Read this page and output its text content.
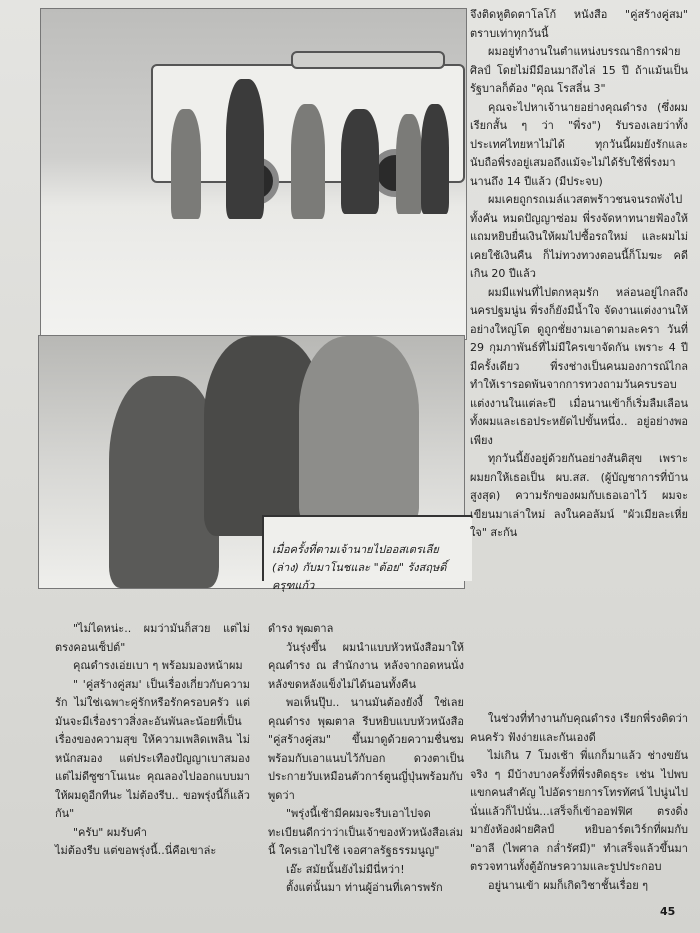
เมื่อครั้งที่ตามเจ้านายไปออสเตรเลีย
(ล่าง) กับมาโนชและ "ต้อย" รังสฤษดิ์ ครุฑแก้ว

จึงติดหูติดตาโลโก้ หนังสือ "คู่สร้างคู่สม" ตราบเท่าทุกวันนี้

ผมอยู่ทำงานในตำแหน่งบรรณาธิการฝ่ายศิลป์ โดยไม่มีมีอนมาถึงไล่ 15 ปี ถ้าแม้นเป็นรัฐบาลก็ต้อง "คุณ โรสลี่น 3"

คุณจะไปหาเจ้านายอย่างคุณดำรง (ซึ่งผมเรียกสั้น ๆ ว่า "พี่รง") รับรองเลยว่าทั้งประเทศไทยหาไม่ได้ ทุกวันนี้ผมยังรักและนับถือพี่รงอยู่เสมอถึงแม้จะไม่ได้รับใช้พี่รงมานานถึง 14 ปีแล้ว (มีประจบ)

ผมเคยถูกรถเมล์แวสตพร้าวชนจนรถพังไปทั้งคัน หมดปัญญาซ่อม พี่รงจัดหาทนายฟ้องให้ แถมหยิบยื่นเงินให้ผมไปซื้อรถใหม่ และผมไม่เคยใช้เงินคืน ก็ไม่ทวงทวงตอนนี้ก็โมฆะ คดีเกิน 20 ปีแล้ว

ผมมีแฟนที่ไปตกหลุมรัก หล่อนอยู่ไกลถึงนครปฐมนู่น พี่รงก็ยังมีน้ำใจ จัดงานแต่งงานให้อย่างใหญ่โต ดูถูกชั่ยงามเอาตามละครา วันที่ 29 กุมภาพันธ์ที่ไม่มีใครเขาจัดกัน เพราะ 4 ปีมีครั้งเดียว พี่รงช่างเป็นคนมองการณ์ไกล ทำให้เรารอดพ้นจากการทวงถามวันครบรอบแต่งงานในแต่ละปี เมื่อนานเข้าก็เริ่มลืมเลือน ทั้งผมและเธอประหยัดไปขั้นหนึ่ง.. อยู่อย่างพอเพียง

ทุกวันนี้ยังอยู่ด้วยกันอย่างสันติสุข เพราะผมยกให้เธอเป็น ผบ.สส. (ผู้บัญชาการที่บ้านสูงสุด) ความรักของผมกับเธอเอาไว้ ผมจะเขียนมาเล่าใหม่ ลงในคอลัมน์ "ผัวเมียละเหี่ยใจ" สะกัน

ในช่วงที่ทำงานกับคุณดำรง เรียกพี่รงติดว่าคนครัว ฟังง่ายและกันเองดี

ไม่เกิน 7 โมงเช้า พี่แกก็มาแล้ว ช่างขยันจริง ๆ มีบ้างบางครั้งที่พี่รงติดธุระ เช่น ไปพบแขกคนสำคัญ ไปอัดรายการโทรทัศน์ ไปนู่นไปนั่นแล้วก็ไปนั่น...เสร็จก็เข้าออฟฟิศ ตรงดิ่งมายังห้องฝ่ายศิลป์ หยิบอาร์ตเวิร์กที่ผมกับ "อาลี (ไพศาล กล่ำรัศมี)" ทำเสร็จแล้วขึ้นมาตรวจทานทั้งตู้อักษรความและรูปประกอบ

อยู่นานเข้า ผมก็เกิดวิชาชั้นเรื่อย ๆ

"ไม่ไดหน่ะ.. ผมว่ามันก็สวย แต่ไม่ตรงคอนเซ็ปต์"

คุณดำรงเอ่ยเบา ๆ พร้อมมองหน้าผม

" 'คู่สร้างคู่สม' เป็นเรื่องเกี่ยวกับความรัก ไม่ใช่เฉพาะคู่รักหรือรักครอบครัว แต่มันจะมีเรื่องราวสิ่งละอันพันละน้อยที่เป็นเรื่องของความสุข ให้ความเพลิดเพลิน ไม่หนักสมอง แต่ประเทืองปัญญาเบาสมอง แต่ไม่ดีซูซาโนเนะ คุณลองไปออกแบบมาให้ผมดูอีกทีนะ ไม่ต้องรีบ.. ขอพรุ่งนี้ก็แล้วกัน"

"ครับ" ผมรับคำ

ไม่ต้องรีบ แต่ขอพรุ่งนี้..นี่คือเขาล่ะ

ดำรง พุฒตาล

วันรุ่งขึ้น ผมนำแบบหัวหนังสือมาให้คุณดำรง ณ สำนักงาน หลังจากอดหนนั่งหลังขดหลังแข็งไม่ได้นอนทั้งคืน

พอเห็นปุ๊บ.. นานมันต้องยังงี้ ใช่เลย คุณดำรง พุฒตาล รีบหยิบแบบหัวหนังสือ "คู่สร้างคู่สม" ขึ้นมาดูด้วยความชื่นชมพร้อมกับเอาแนบไว้กับอก ดวงตาเป็นประกายวับเหมือนตัวการ์ตูนญี่ปุ่นพร้อมกับพูดว่า

"พรุ่งนี้เช้ามีคผมจะรีบเอาไปจดทะเบียนดีกว่าว่าเป็นเจ้าของหัวหนังสือเล่มนี้ ใครเอาไปใช้ เจอศาลรัฐธรรมนูญ"

เอ๊ะ สมัยนั้นยังไม่มีนี่หว่า!

ตั้งแต่นั้นมา ท่านผู้อ่านที่เคารพรัก

45
